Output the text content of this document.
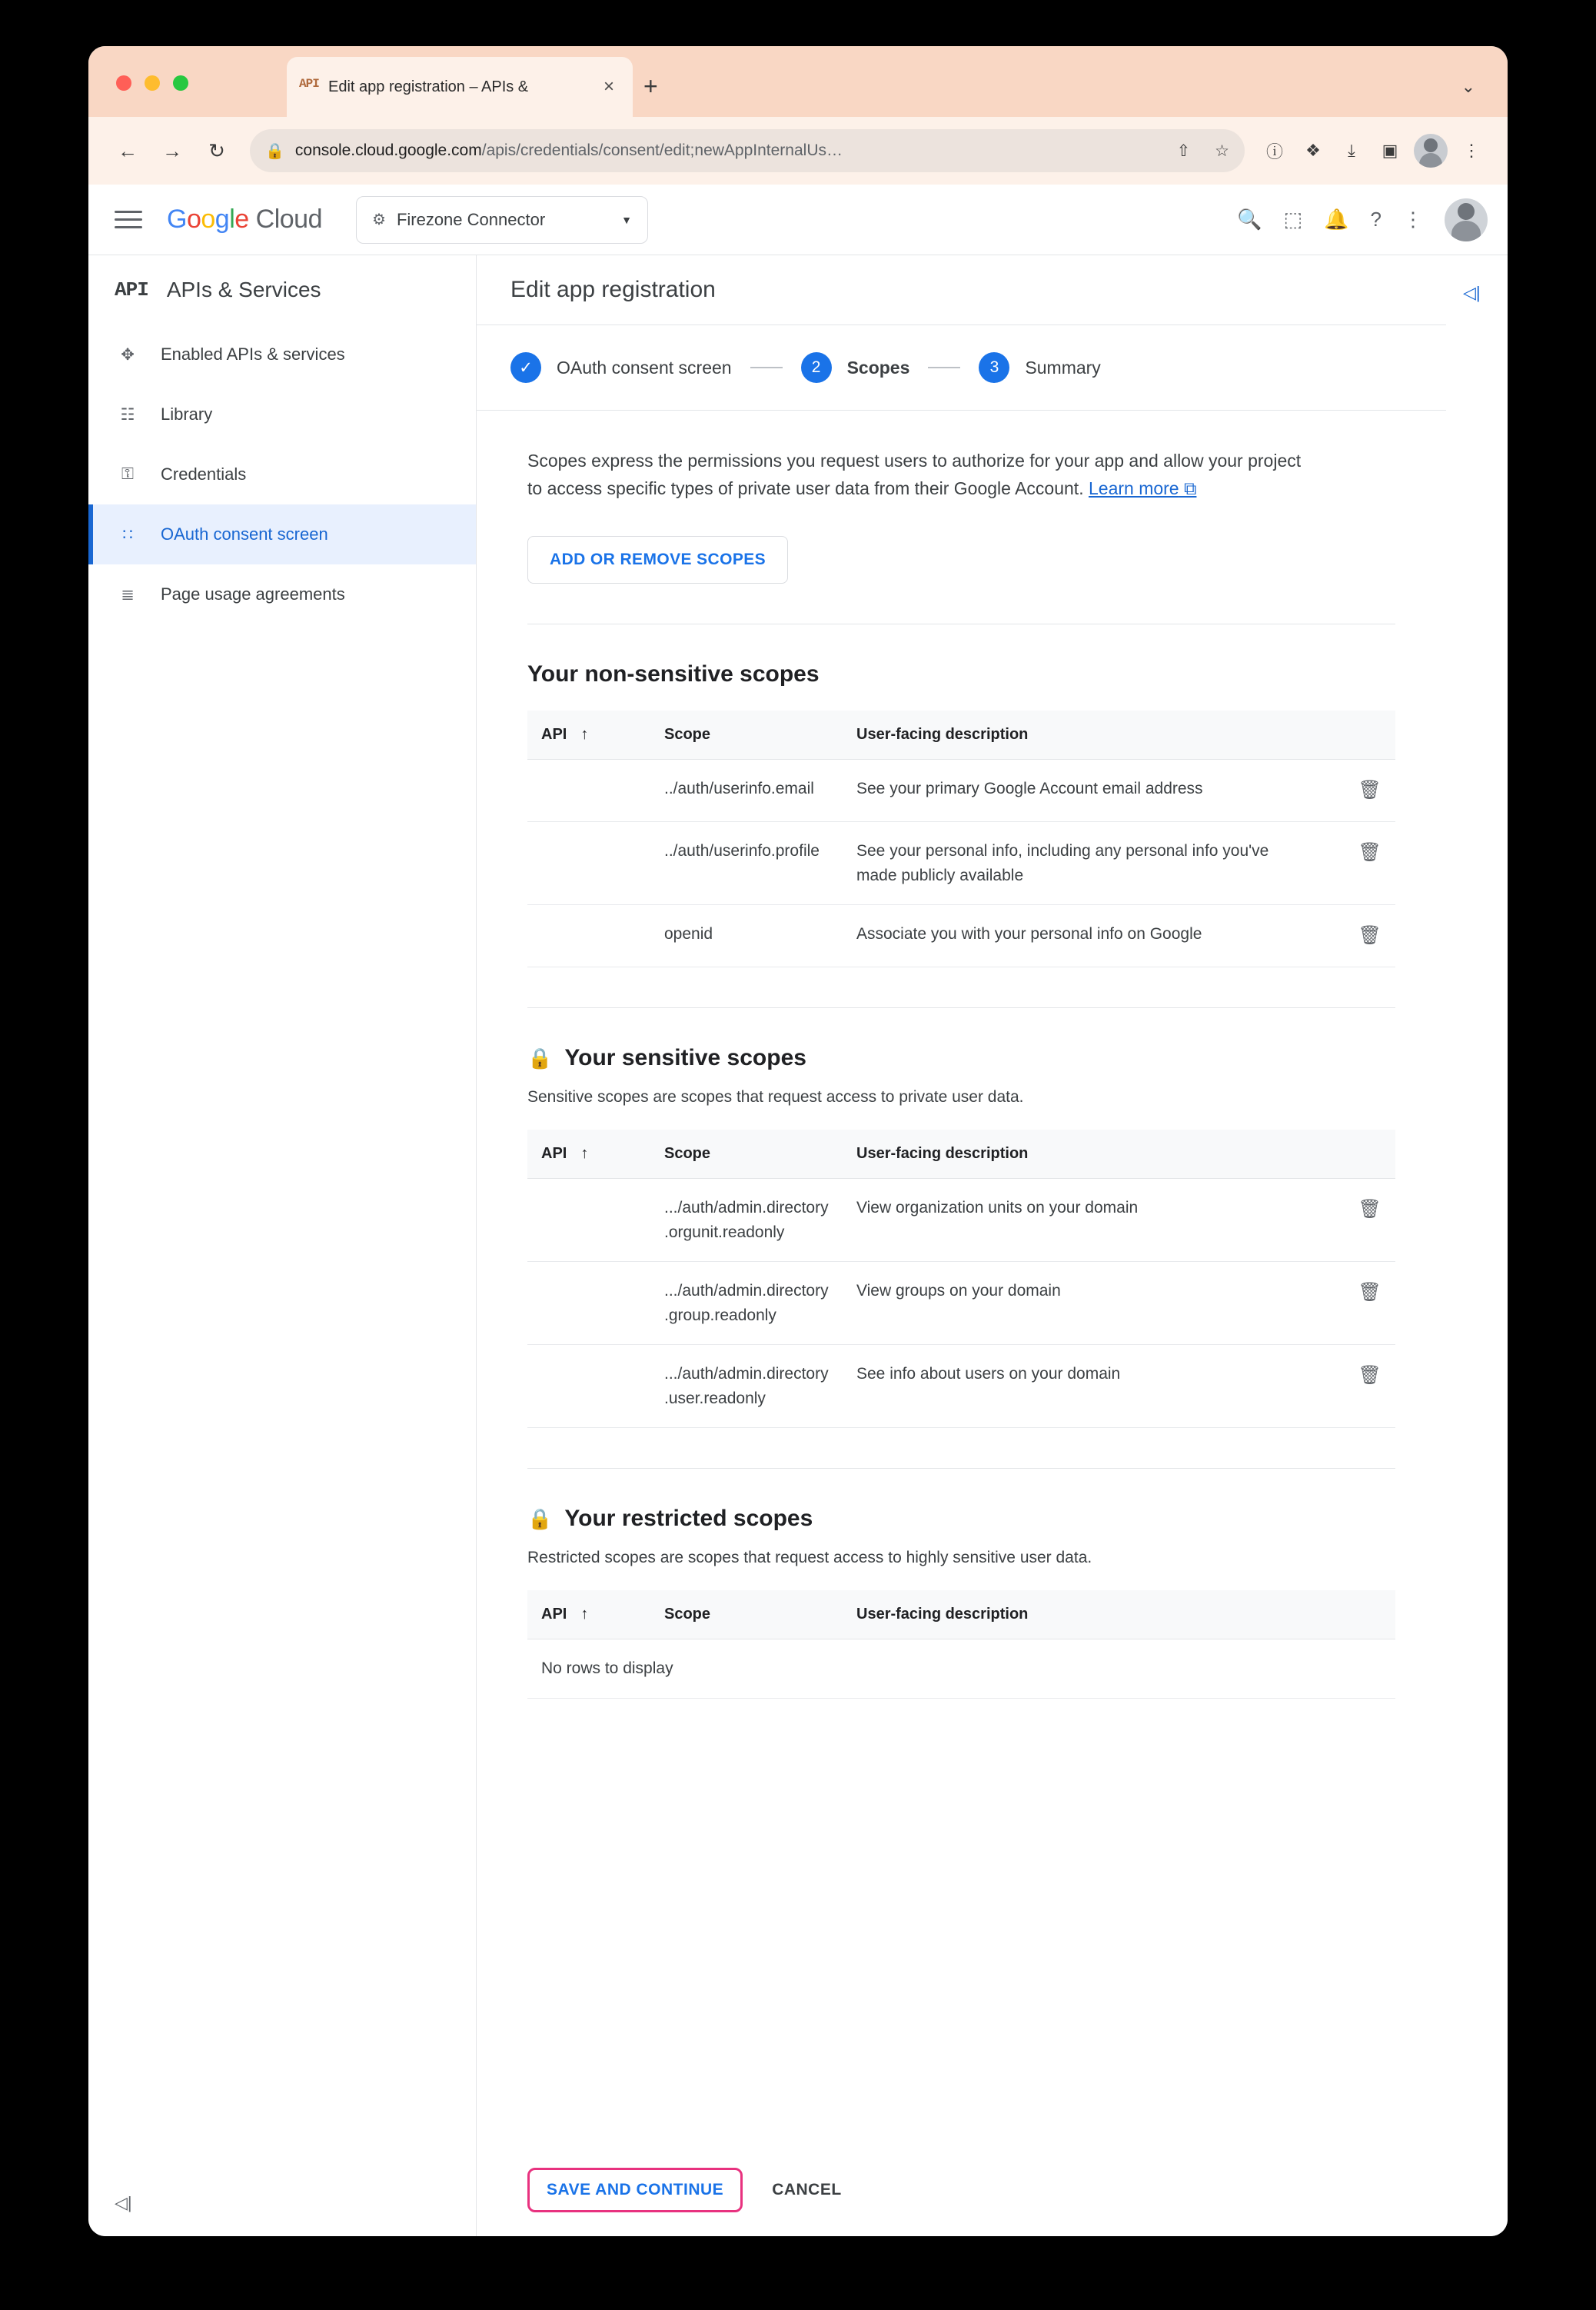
API Edit app registration – APIs &	× +	⌄
←	→	↻	🔒 console.cloud.google.com/apis/credentials/consent/edit;newAppInternalUs…	⇧ ☆	ⓘ	❖	⤓	▣	⋮
Google Cloud	⚙ Firezone Connector	▼	🔍 ⬚ 🔔 ? ⋮
API APIs & Services
✥	Enabled APIs & services
☷	Library
⚿	Credentials
∷	OAuth consent screen
≣	Page usage agreements
◁|
Edit app registration
✓	OAuth consent screen	2	Scopes	3	Summary

Scopes express the permissions you request users to authorize for your app and allow your project to access specific types of private user data from their Google Account. Learn more ⧉

ADD OR REMOVE SCOPES
Your non-sensitive scopes
API ↑	Scope	User-facing description	
	../auth/userinfo.email	See your primary Google Account email address	🗑
	../auth/userinfo.profile	See your personal info, including any personal info you've made publicly available	🗑
	openid	Associate you with your personal info on Google	🗑
🔒 Your sensitive scopes
Sensitive scopes are scopes that request access to private user data.
API ↑	Scope	User-facing description	
	.../auth/admin.directory.orgunit.readonly	View organization units on your domain	🗑
	.../auth/admin.directory.group.readonly	View groups on your domain	🗑
	.../auth/admin.directory.user.readonly	See info about users on your domain	🗑
🔒 Your restricted scopes
Restricted scopes are scopes that request access to highly sensitive user data.
API ↑	Scope	User-facing description	
No rows to display
SAVE AND CONTINUE	CANCEL
◁|
